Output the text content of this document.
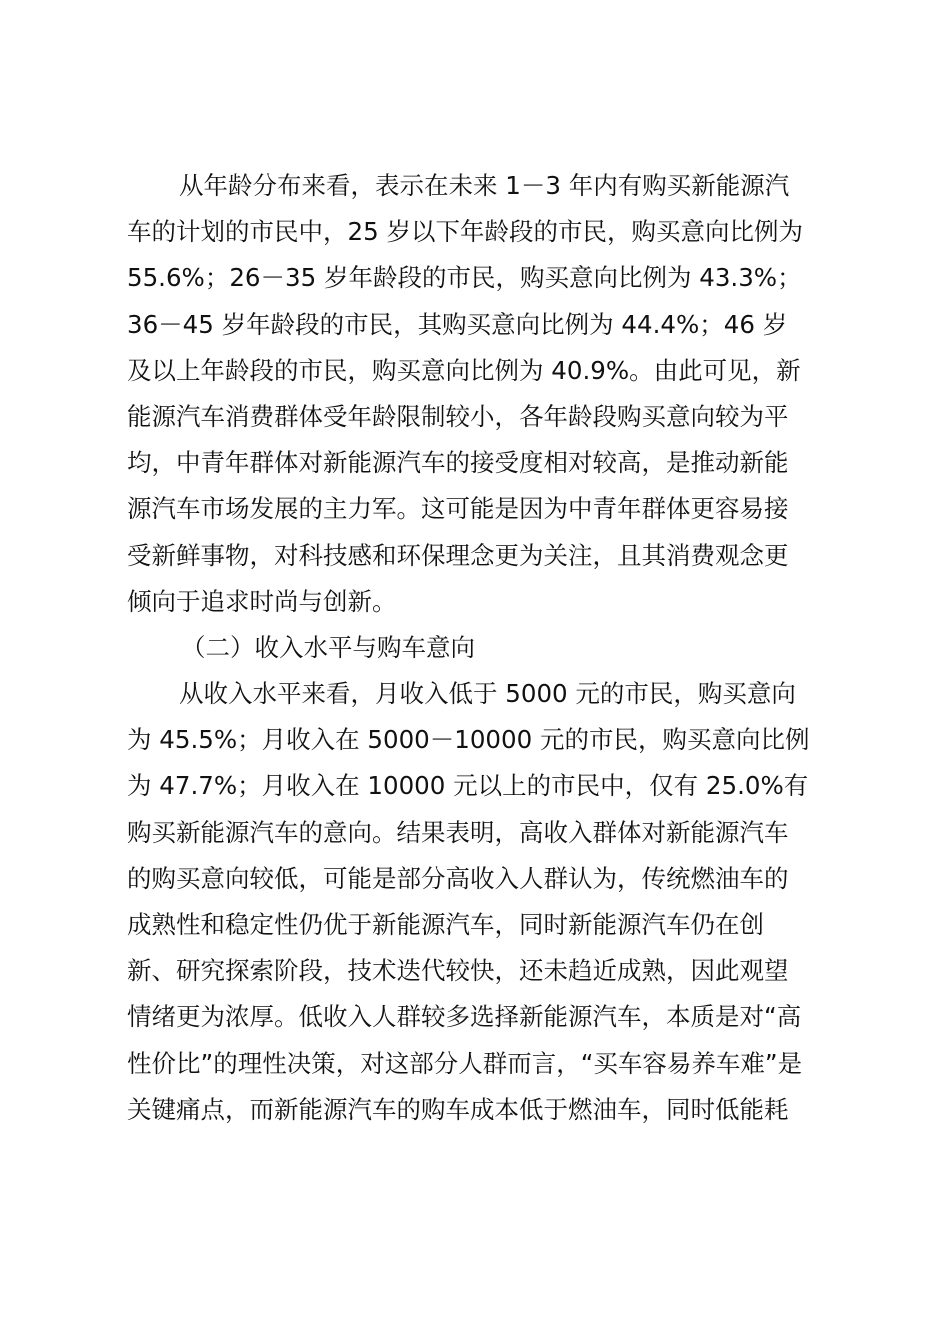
从年龄分布来看，表示在未来 1－3 年内有购买新能源汽
车的计划的市民中，25 岁以下年龄段的市民，购买意向比例为
55.6%；26－35 岁年龄段的市民，购买意向比例为 43.3%；
36－45 岁年龄段的市民，其购买意向比例为 44.4%；46 岁
及以上年龄段的市民，购买意向比例为 40.9%。由此可见，新
能源汽车消费群体受年龄限制较小，各年龄段购买意向较为平
均，中青年群体对新能源汽车的接受度相对较高，是推动新能
源汽车市场发展的主力军。这可能是因为中青年群体更容易接
受新鲜事物，对科技感和环保理念更为关注，且其消费观念更
倾向于追求时尚与创新。
（二）收入水平与购车意向
从收入水平来看，月收入低于 5000 元的市民，购买意向
为 45.5%；月收入在 5000－10000 元的市民，购买意向比例
为 47.7%；月收入在 10000 元以上的市民中，仅有 25.0%有
购买新能源汽车的意向。结果表明，高收入群体对新能源汽车
的购买意向较低，可能是部分高收入人群认为，传统燃油车的
成熟性和稳定性仍优于新能源汽车，同时新能源汽车仍在创
新、研究探索阶段，技术迭代较快，还未趋近成熟，因此观望
情绪更为浓厚。低收入人群较多选择新能源汽车，本质是对“高
性价比”的理性决策，对这部分人群而言，“买车容易养车难”是
关键痛点，而新能源汽车的购车成本低于燃油车，同时低能耗
